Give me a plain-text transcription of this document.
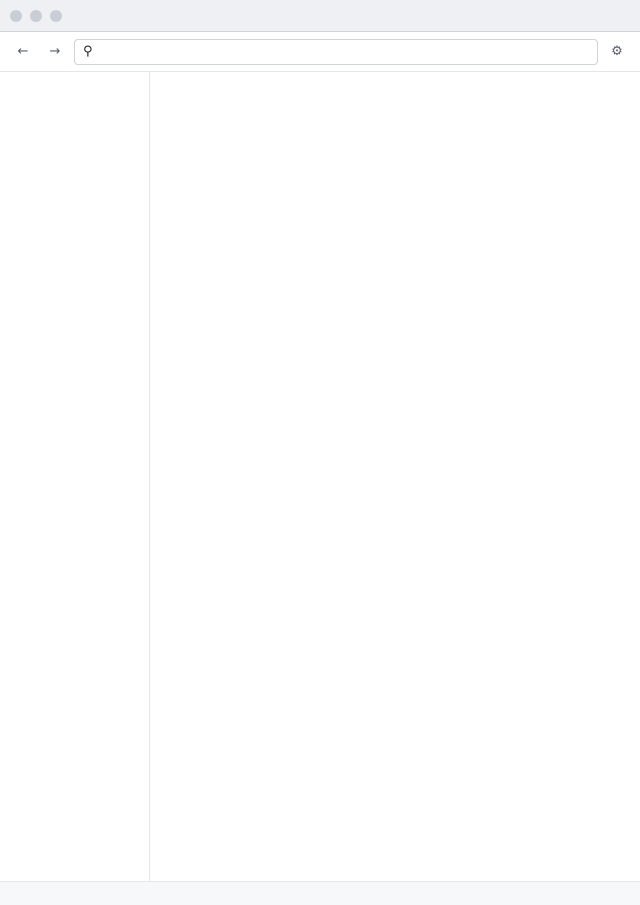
← → ⚲	⚙
